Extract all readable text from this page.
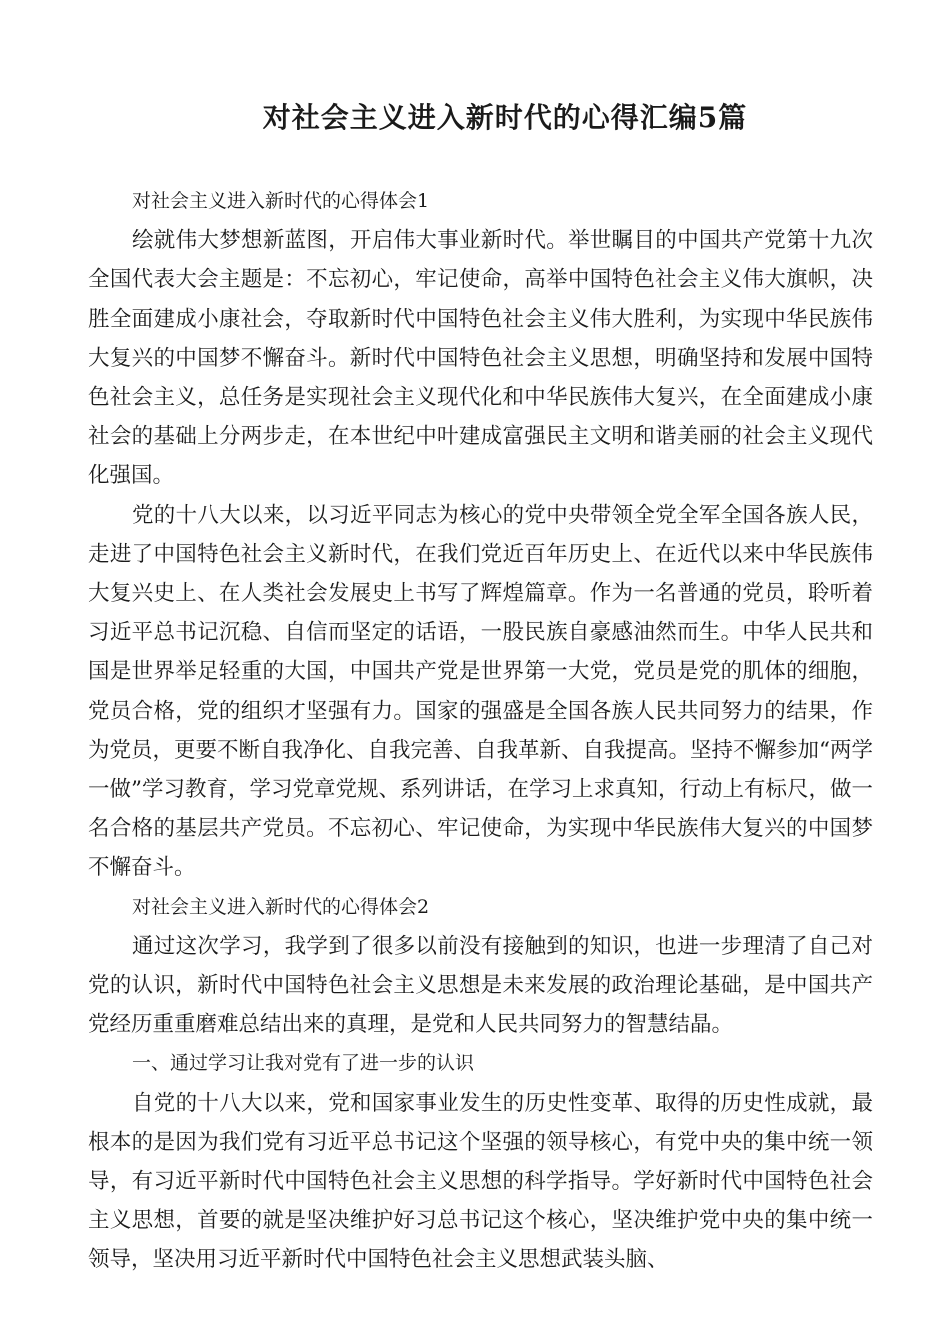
对社会主义进入新时代的心得汇编5篇

对社会主义进入新时代的心得体会1

绘就伟大梦想新蓝图，开启伟大事业新时代。举世瞩目的中国共产党第十九次全国代表大会主题是：不忘初心，牢记使命，高举中国特色社会主义伟大旗帜，决胜全面建成小康社会，夺取新时代中国特色社会主义伟大胜利，为实现中华民族伟大复兴的中国梦不懈奋斗。新时代中国特色社会主义思想，明确坚持和发展中国特色社会主义，总任务是实现社会主义现代化和中华民族伟大复兴，在全面建成小康社会的基础上分两步走，在本世纪中叶建成富强民主文明和谐美丽的社会主义现代化强国。

党的十八大以来，以习近平同志为核心的党中央带领全党全军全国各族人民，走进了中国特色社会主义新时代，在我们党近百年历史上、在近代以来中华民族伟大复兴史上、在人类社会发展史上书写了辉煌篇章。作为一名普通的党员，聆听着习近平总书记沉稳、自信而坚定的话语，一股民族自豪感油然而生。中华人民共和国是世界举足轻重的大国，中国共产党是世界第一大党，党员是党的肌体的细胞，党员合格，党的组织才坚强有力。国家的强盛是全国各族人民共同努力的结果，作为党员，更要不断自我净化、自我完善、自我革新、自我提高。坚持不懈参加“两学一做”学习教育，学习党章党规、系列讲话，在学习上求真知，行动上有标尺，做一名合格的基层共产党员。不忘初心、牢记使命，为实现中华民族伟大复兴的中国梦不懈奋斗。

对社会主义进入新时代的心得体会2

通过这次学习，我学到了很多以前没有接触到的知识，也进一步理清了自己对党的认识，新时代中国特色社会主义思想是未来发展的政治理论基础，是中国共产党经历重重磨难总结出来的真理，是党和人民共同努力的智慧结晶。

一、通过学习让我对党有了进一步的认识

自党的十八大以来，党和国家事业发生的历史性变革、取得的历史性成就，最根本的是因为我们党有习近平总书记这个坚强的领导核心，有党中央的集中统一领导，有习近平新时代中国特色社会主义思想的科学指导。学好新时代中国特色社会主义思想，首要的就是坚决维护好习总书记这个核心，坚决维护党中央的集中统一领导，坚决用习近平新时代中国特色社会主义思想武装头脑、
